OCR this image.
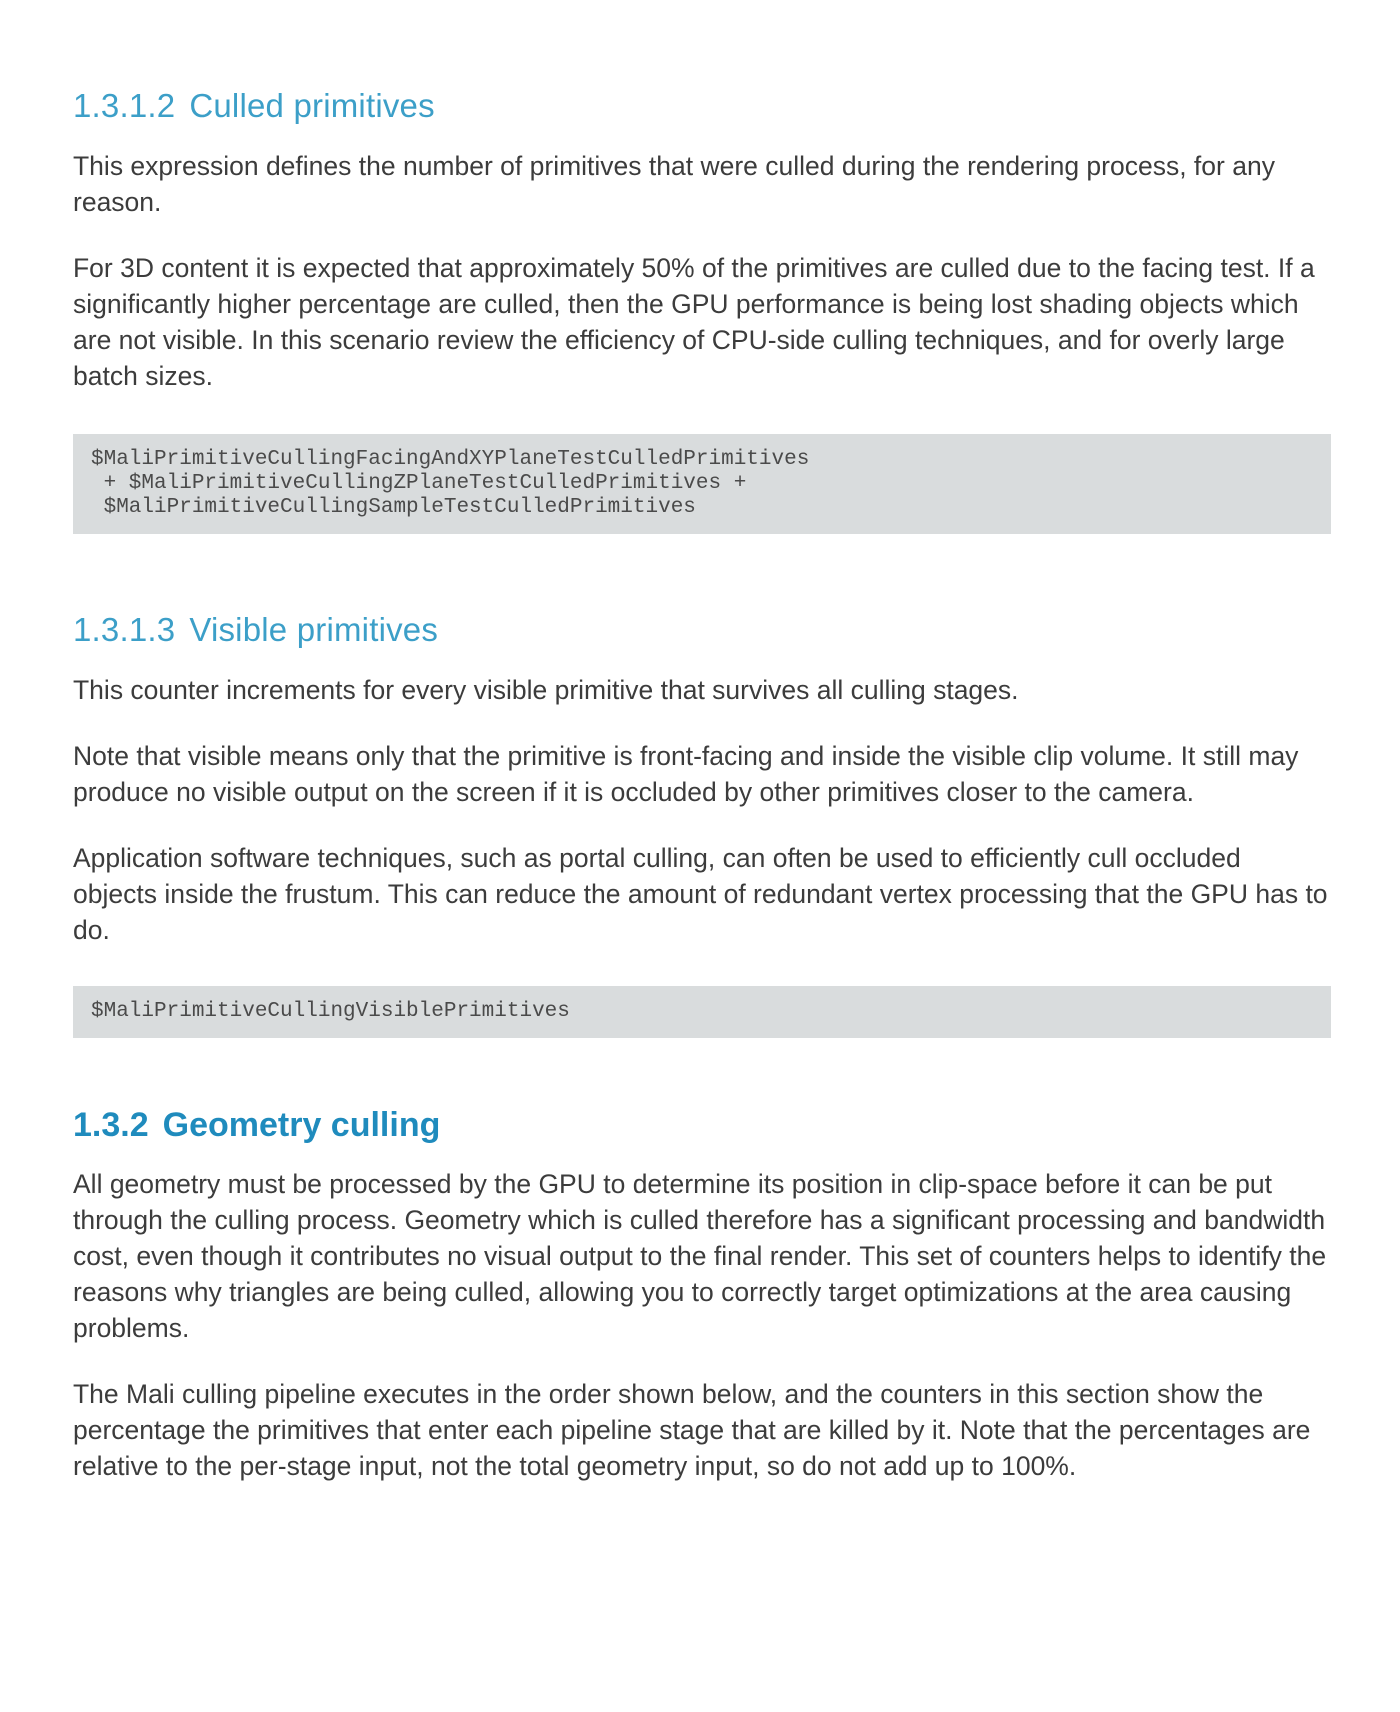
1.3.1.2 Culled primitives

This expression defines the number of primitives that were culled during the rendering process, for any reason.

For 3D content it is expected that approximately 50% of the primitives are culled due to the facing test. If a significantly higher percentage are culled, then the GPU performance is being lost shading objects which are not visible. In this scenario review the efficiency of CPU-side culling techniques, and for overly large batch sizes.

$MaliPrimitiveCullingFacingAndXYPlaneTestCulledPrimitives
+ $MaliPrimitiveCullingZPlaneTestCulledPrimitives +
$MaliPrimitiveCullingSampleTestCulledPrimitives
1.3.1.3 Visible primitives

This counter increments for every visible primitive that survives all culling stages.

Note that visible means only that the primitive is front-facing and inside the visible clip volume. It still may produce no visible output on the screen if it is occluded by other primitives closer to the camera.

Application software techniques, such as portal culling, can often be used to efficiently cull occluded objects inside the frustum. This can reduce the amount of redundant vertex processing that the GPU has to do.

$MaliPrimitiveCullingVisiblePrimitives
1.3.2 Geometry culling

All geometry must be processed by the GPU to determine its position in clip-space before it can be put through the culling process. Geometry which is culled therefore has a significant processing and bandwidth cost, even though it contributes no visual output to the final render. This set of counters helps to identify the reasons why triangles are being culled, allowing you to correctly target optimizations at the area causing problems.

The Mali culling pipeline executes in the order shown below, and the counters in this section show the percentage the primitives that enter each pipeline stage that are killed by it. Note that the percentages are relative to the per-stage input, not the total geometry input, so do not add up to 100%.
